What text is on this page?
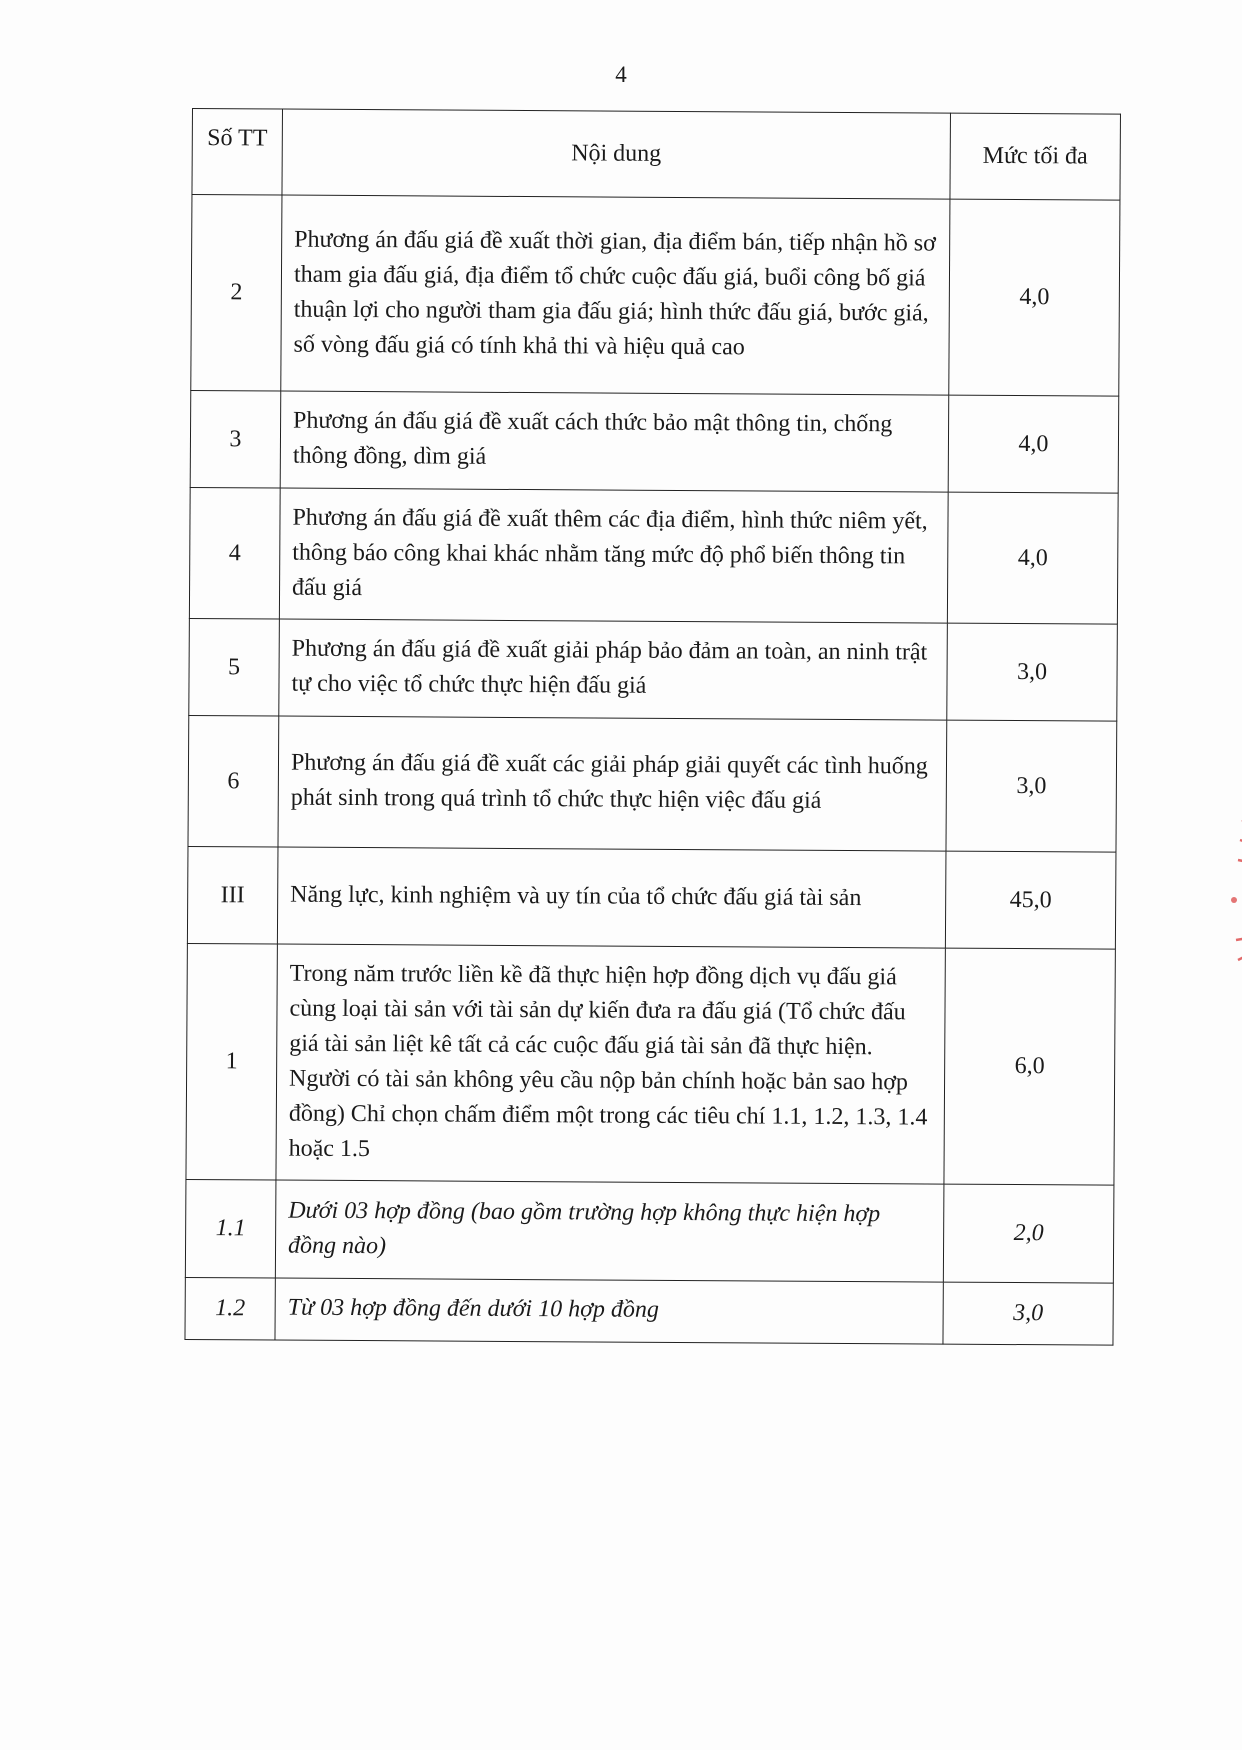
4
Số TT	Nội dung	Mức tối đa
2	Phương án đấu giá đề xuất thời gian, địa điểm bán, tiếp nhận hồ sơ tham gia đấu giá, địa điểm tổ chức cuộc đấu giá, buổi công bố giá thuận lợi cho người tham gia đấu giá; hình thức đấu giá, bước giá, số vòng đấu giá có tính khả thi và hiệu quả cao	4,0
3	Phương án đấu giá đề xuất cách thức bảo mật thông tin, chống thông đồng, dìm giá	4,0
4	Phương án đấu giá đề xuất thêm các địa điểm, hình thức niêm yết, thông báo công khai khác nhằm tăng mức độ phổ biến thông tin đấu giá	4,0
5	Phương án đấu giá đề xuất giải pháp bảo đảm an toàn, an ninh trật tự cho việc tổ chức thực hiện đấu giá	3,0
6	Phương án đấu giá đề xuất các giải pháp giải quyết các tình huống phát sinh trong quá trình tổ chức thực hiện việc đấu giá	3,0
III	Năng lực, kinh nghiệm và uy tín của tổ chức đấu giá tài sản	45,0
1	Trong năm trước liền kề đã thực hiện hợp đồng dịch vụ đấu giá cùng loại tài sản với tài sản dự kiến đưa ra đấu giá (Tổ chức đấu giá tài sản liệt kê tất cả các cuộc đấu giá tài sản đã thực hiện. Người có tài sản không yêu cầu nộp bản chính hoặc bản sao hợp đồng) Chỉ chọn chấm điểm một trong các tiêu chí 1.1, 1.2, 1.3, 1.4 hoặc 1.5	6,0
1.1	Dưới 03 hợp đồng (bao gồm trường hợp không thực hiện hợp đồng nào)	2,0
1.2	Từ 03 hợp đồng đến dưới 10 hợp đồng	3,0
